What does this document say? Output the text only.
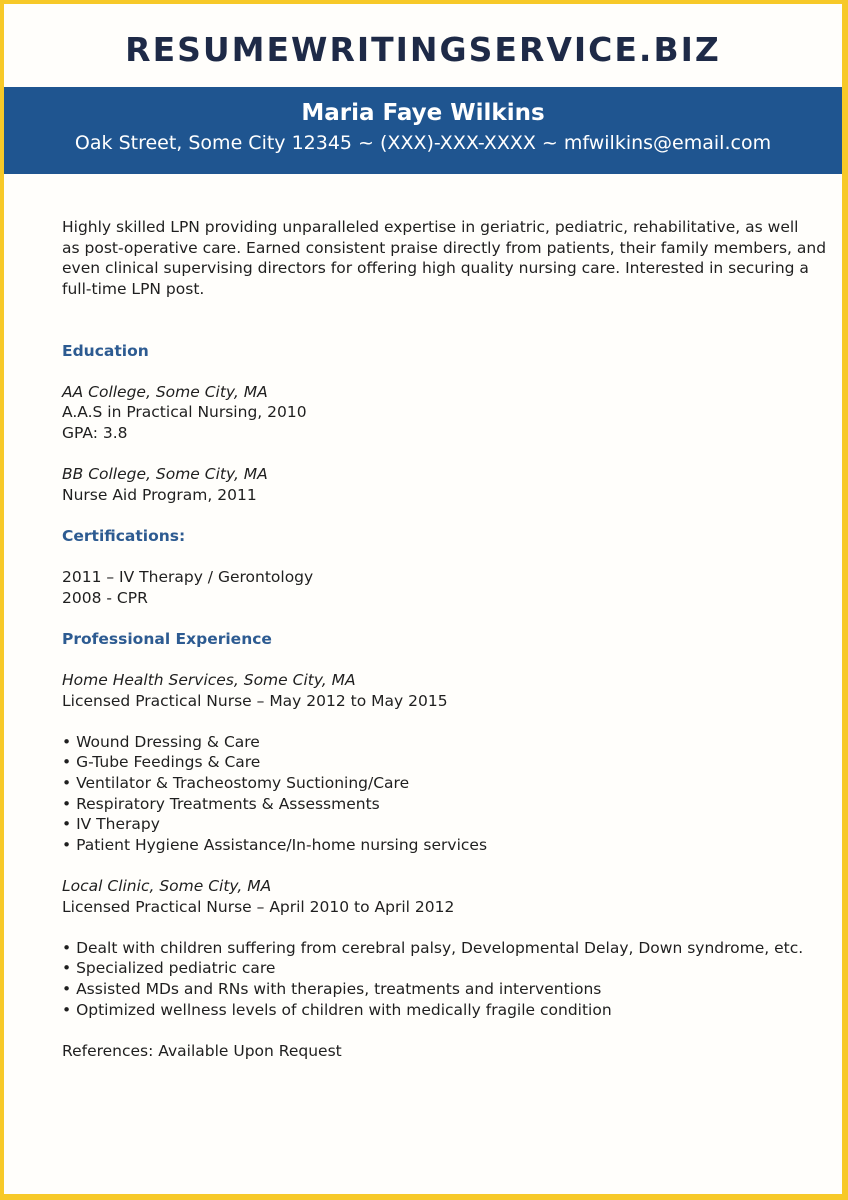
RESUMEWRITINGSERVICE.BIZ
Maria Faye Wilkins
Oak Street, Some City 12345 ~ (XXX)-XXX-XXXX ~ mfwilkins@email.com
Highly skilled LPN providing unparalleled expertise in geriatric, pediatric, rehabilitative, as well
as post-operative care. Earned consistent praise directly from patients, their family members, and
even clinical supervising directors for offering high quality nursing care. Interested in securing a
full-time LPN post.
Education
AA College, Some City, MA
A.A.S in Practical Nursing, 2010
GPA: 3.8
BB College, Some City, MA
Nurse Aid Program, 2011
Certifications:
2011 – IV Therapy / Gerontology
2008 - CPR
Professional Experience
Home Health Services, Some City, MA
Licensed Practical Nurse – May 2012 to May 2015
• Wound Dressing & Care
• G-Tube Feedings & Care
• Ventilator & Tracheostomy Suctioning/Care
• Respiratory Treatments & Assessments
• IV Therapy
• Patient Hygiene Assistance/In-home nursing services
Local Clinic, Some City, MA
Licensed Practical Nurse – April 2010 to April 2012
• Dealt with children suffering from cerebral palsy, Developmental Delay, Down syndrome, etc.
• Specialized pediatric care
• Assisted MDs and RNs with therapies, treatments and interventions
• Optimized wellness levels of children with medically fragile condition
References: Available Upon Request
